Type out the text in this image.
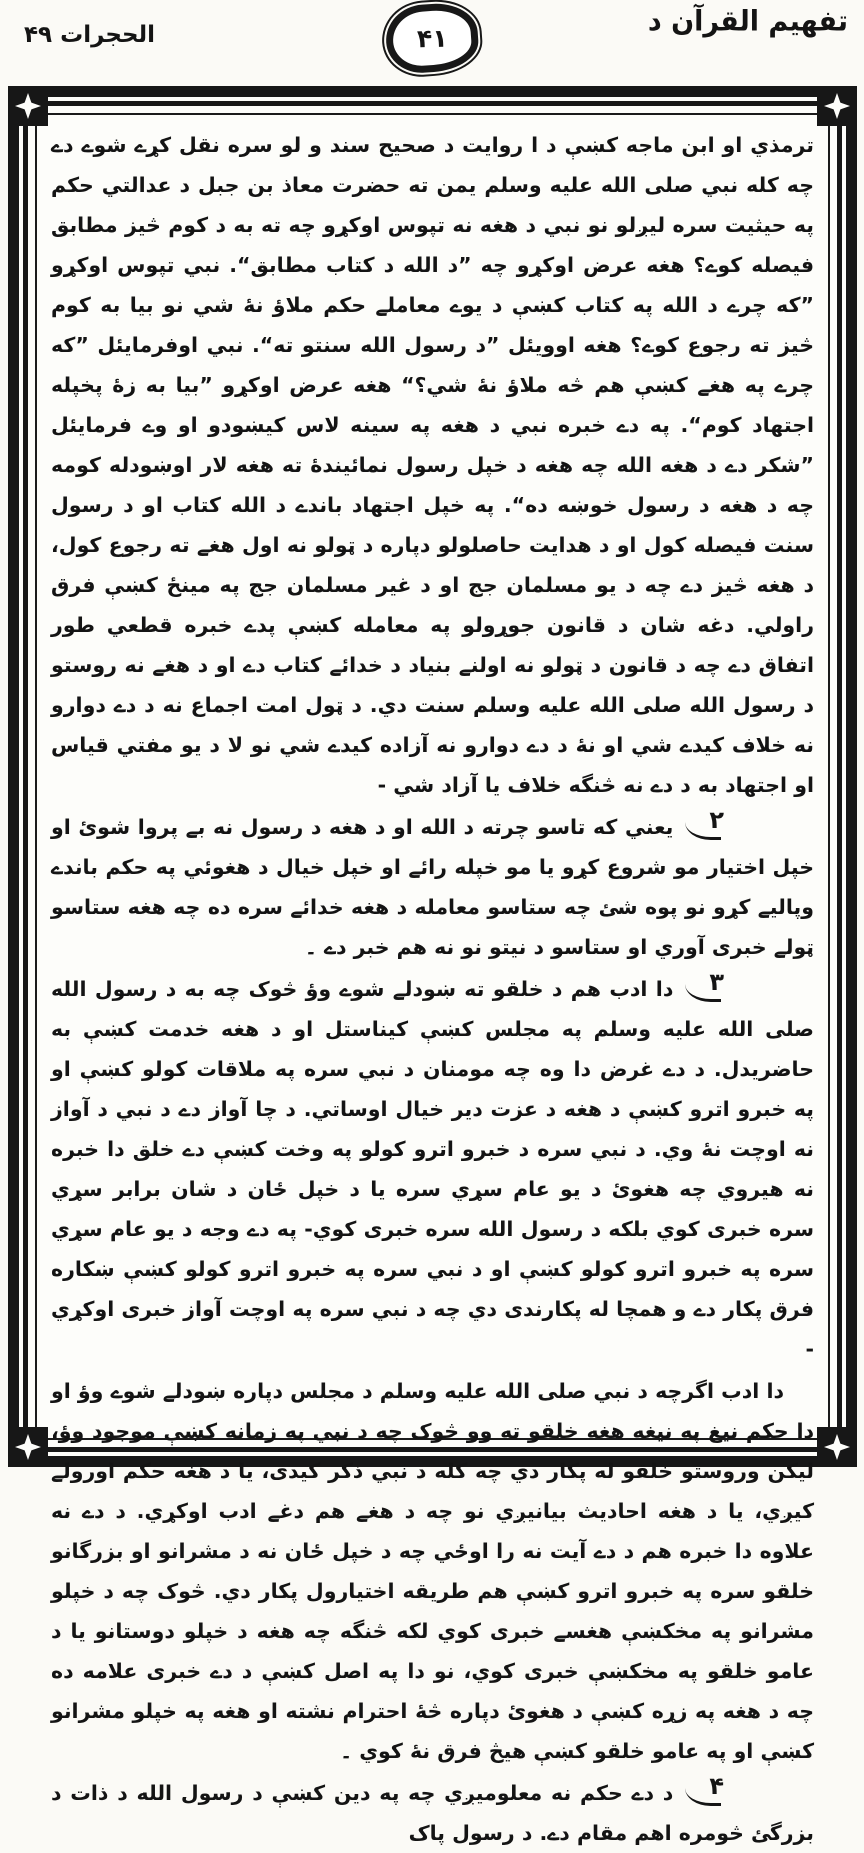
الحجرات ۴۹	۴۱
تفهيم القرآن د

ترمذي او ابن ماجه کښې د ا روايت د صحيح سند و لو سره نقل کړے شوے دے چه کله نبي صلى الله عليه وسلم يمن ته حضرت معاذ بن جبل د عدالتي حکم په حيثيت سره ليږلو نو نبي د هغه نه تپوس اوکړو چه ته به د کوم څيز مطابق فيصله کوے؟ هغه عرض اوکړو چه ”د الله د کتاب مطابق“. نبي تپوس اوکړو ”که چرے د الله په کتاب کښې د يوے معاملے حکم ملاؤ نۀ شي نو بيا به کوم څيز ته رجوع کوے؟ هغه اوويئل ”د رسول الله سنتو ته“. نبي اوفرمايئل ”که چرے په هغے کښې هم څه ملاؤ نۀ شي؟“ هغه عرض اوکړو ”بيا به زۀ پخپله اجتهاد کوم“. په دے خبره نبي د هغه په سينه لاس کيښودو او وے فرمايئل ”شکر دے د هغه الله چه هغه د خپل رسول نمائيندۀ ته هغه لار اوښودله کومه چه د هغه د رسول خوښه ده“. په خپل اجتهاد باندے د الله کتاب او د رسول سنت فيصله کول او د هدايت حاصلولو دپاره د ټولو نه اول هغے ته رجوع کول، د هغه څيز دے چه د يو مسلمان جج او د غير مسلمان جج په مينځ کښې فرق راولي. دغه شان د قانون جوړولو په معامله کښې پدے خبره قطعي طور اتفاق دے چه د قانون د ټولو نه اولنے بنياد د خدائے کتاب دے او د هغے نه روستو د رسول الله صلى الله عليه وسلم سنت دي. د ټول امت اجماع نه د دے دوارو نه خلاف کيدے شي او نۀ د دے دوارو نه آزاده کيدے شي نو لا د يو مفتي قياس او اجتهاد به د دے نه څنگه خلاف يا آزاد شي -

۲يعني که تاسو چرته د الله او د هغه د رسول نه بے پروا شوئ او خپل اختيار مو شروع کړو يا مو خپله رائے او خپل خيال د هغوئي په حکم باندے وپاليے کړو نو پوه شئ چه ستاسو معامله د هغه خدائے سره ده چه هغه ستاسو ټولے خبرى آوري او ستاسو د نيتو نو نه هم خبر دے ۔

۳دا ادب هم د خلقو ته ښودلے شوے وؤ څوک چه به د رسول الله صلى الله عليه وسلم په مجلس کښې کيناستل او د هغه خدمت کښې به حاضريدل. د دے غرض دا وه چه مومنان د نبي سره په ملاقات کولو کښې او په خبرو اترو کښې د هغه د عزت دير خيال اوساتي. د چا آواز دے د نبي د آواز نه اوچت نۀ وي. د نبي سره د خبرو اترو کولو په وخت کښې دے خلق دا خبره نه هيروي چه هغوئ د يو عام سړي سره يا د خپل ځان د شان برابر سړي سره خبرى کوي بلکه د رسول الله سره خبرى کوي- په دے وجه د يو عام سړي سره په خبرو اترو کولو کښې او د نبي سره په خبرو اترو کولو کښې ښکاره فرق پکار دے و همچا له پکارندى دي چه د نبي سره په اوچت آواز خبرى اوکړي -

دا ادب اگرچه د نبي صلى الله عليه وسلم د مجلس دپاره ښودلے شوے وؤ او دا حکم نيغ په نيغه هغه خلقو ته وو څوک چه د نبي په زمانه کښې موجود وؤ، ليکن وروستو خلقو له پکار دي چه کله د نبي ذکر کيدى، يا د هغه حکم اورولے کيږي، يا د هغه احاديث بيانيږي نو چه د هغے هم دغے ادب اوکړي. د دے نه علاوه دا خبره هم د دے آيت نه را اوځي چه د خپل ځان نه د مشرانو او بزرگانو خلقو سره په خبرو اترو کښې هم طريقه اختيارول پکار دي. څوک چه د خپلو مشرانو په مخکښې هغسے خبرى کوي لکه څنگه چه هغه د خپلو دوستانو يا د عامو خلقو په مخکښې خبرى کوي، نو دا په اصل کښې د دے خبرى علامه ده چه د هغه په زړه کښې د هغوئ دپاره څۀ احترام نشته او هغه په خپلو مشرانو کښې او په عامو خلقو کښې هيڅ فرق نۀ کوي ۔

۴د دے حکم نه معلوميږي چه په دين کښې د رسول الله د ذات د بزرگئ څومره اهم مقام دے. د رسول پاک
